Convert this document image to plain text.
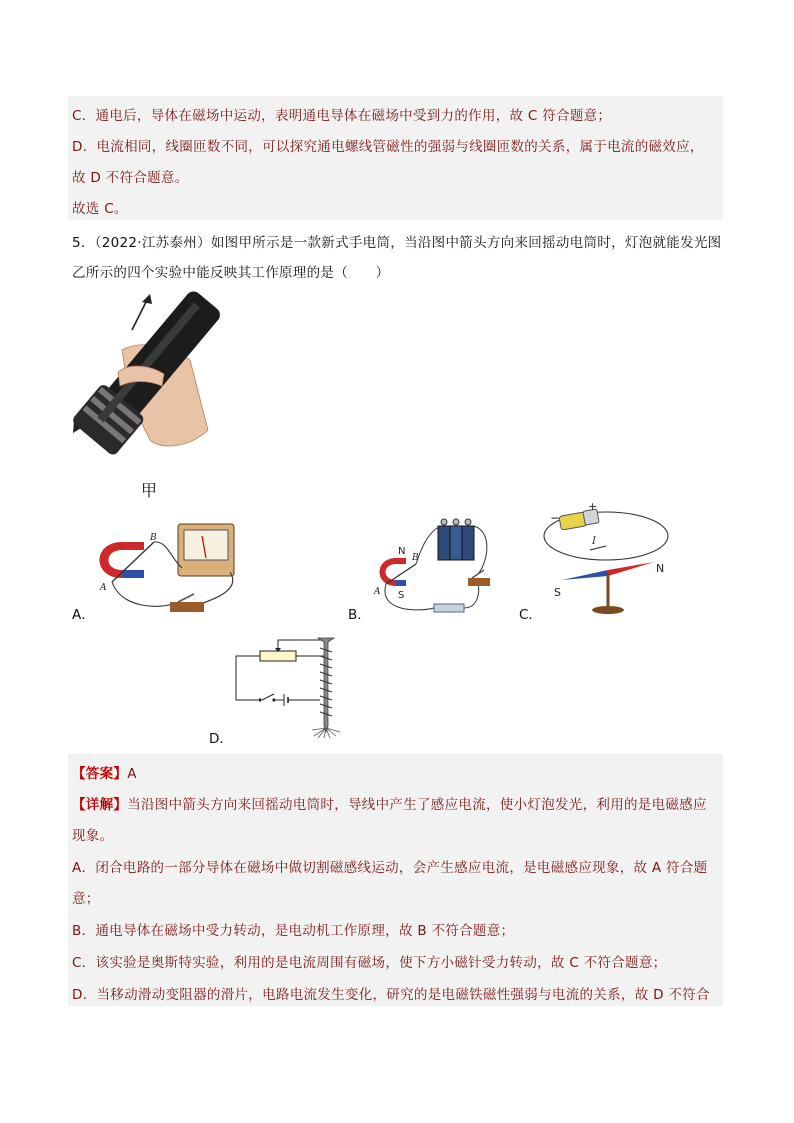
C．通电后，导体在磁场中运动，表明通电导体在磁场中受到力的作用，故 C 符合题意；
D．电流相同，线圈匝数不同，可以探究通电螺线管磁性的强弱与线圈匝数的关系，属于电流的磁效应，
故 D 不符合题意。
故选 C。
5．（2022·江苏泰州）如图甲所示是一款新式手电筒，当沿图中箭头方向来回摇动电筒时，灯泡就能发光图
乙所示的四个实验中能反映其工作原理的是（　　）
甲
B
A
A．
N
S
B
A
B．
−
+
I
S
N
C．
D．
【答案】A
【详解】当沿图中箭头方向来回摇动电筒时，导线中产生了感应电流，使小灯泡发光，利用的是电磁感应
现象。
A．闭合电路的一部分导体在磁场中做切割磁感线运动，会产生感应电流，是电磁感应现象，故 A 符合题
意；
B．通电导体在磁场中受力转动，是电动机工作原理，故 B 不符合题意；
C．该实验是奥斯特实验，利用的是电流周围有磁场，使下方小磁针受力转动，故 C 不符合题意；
D．当移动滑动变阻器的滑片，电路电流发生变化，研究的是电磁铁磁性强弱与电流的关系，故 D 不符合
